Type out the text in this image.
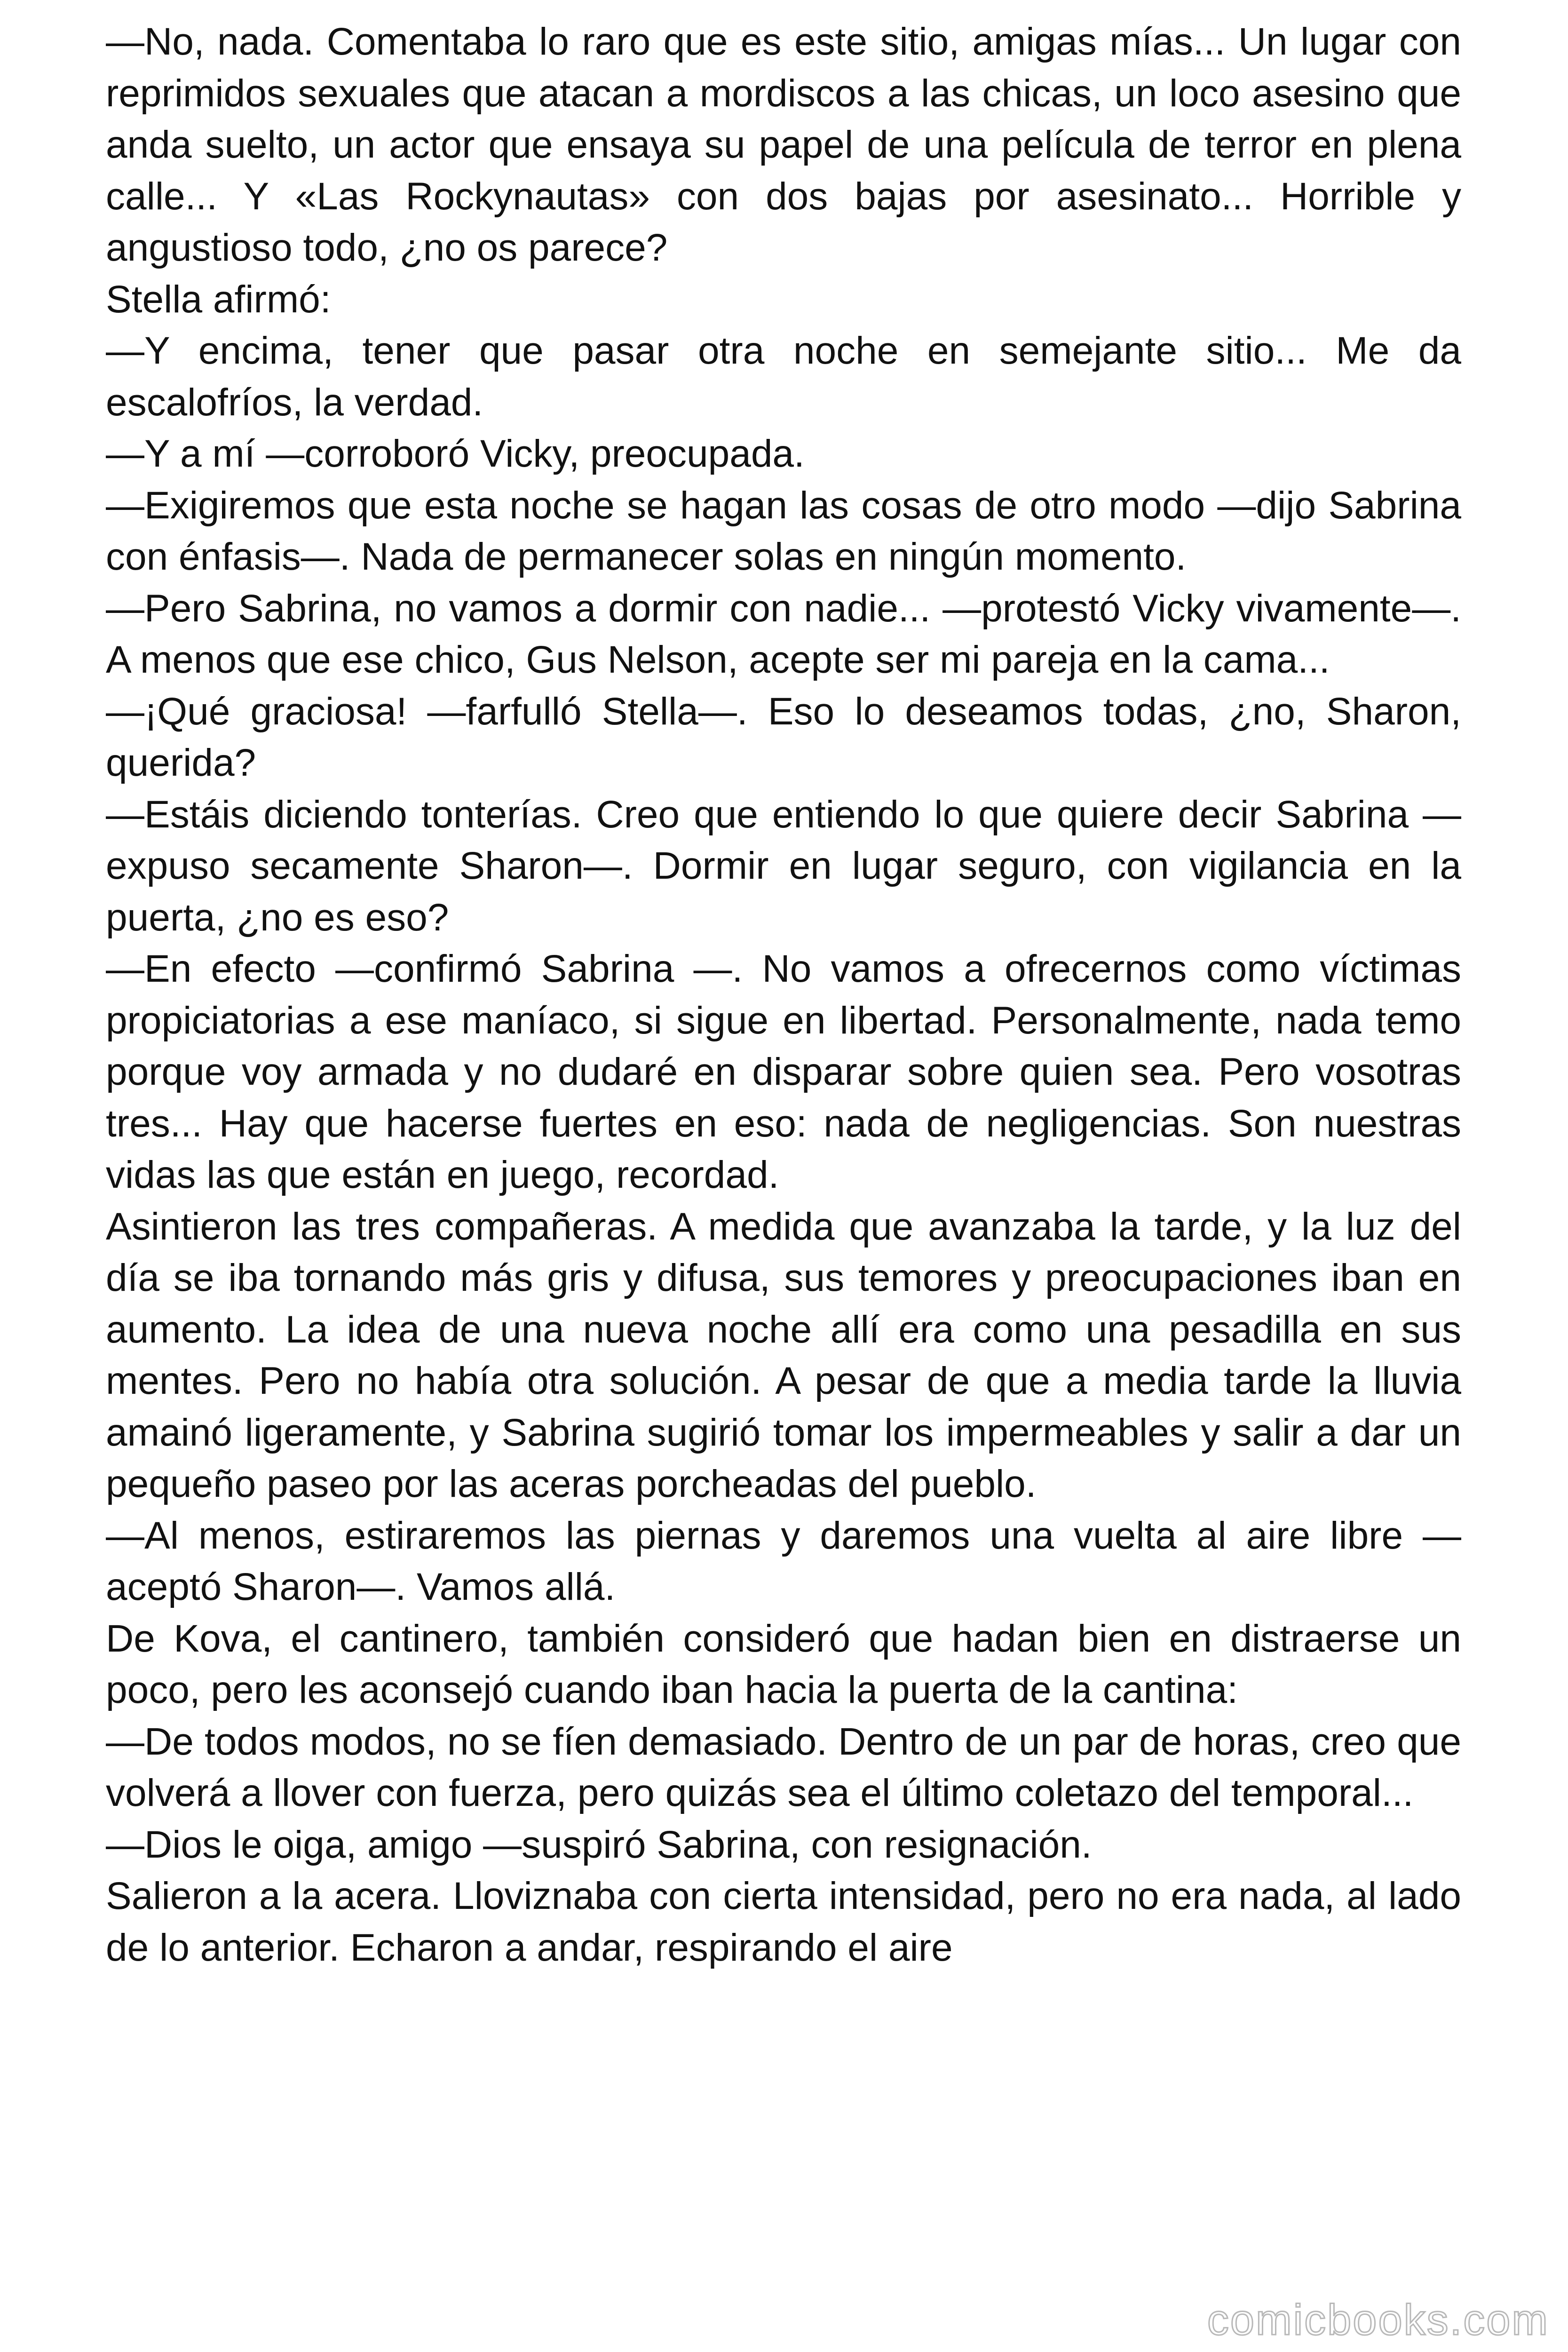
—No, nada. Comentaba lo raro que es este sitio, amigas mías... Un lugar con reprimidos sexuales que atacan a mordiscos a las chicas, un loco asesino que anda suelto, un actor que ensaya su papel de una película de terror en plena calle... Y «Las Rockynautas» con dos bajas por asesinato... Horrible y angustioso todo, ¿no os parece?

Stella afirmó:

—Y encima, tener que pasar otra noche en semejante sitio... Me da escalofríos, la verdad.

—Y a mí —corroboró Vicky, preocupada.

—Exigiremos que esta noche se hagan las cosas de otro modo —dijo Sabrina con énfasis—. Nada de permanecer solas en ningún momento.

—Pero Sabrina, no vamos a dormir con nadie... —protestó Vicky vivamente—. A menos que ese chico, Gus Nelson, acepte ser mi pareja en la cama...

—¡Qué graciosa! —farfulló Stella—. Eso lo deseamos todas, ¿no, Sharon, querida?

—Estáis diciendo tonterías. Creo que entiendo lo que quiere decir Sabrina —expuso secamente Sharon—. Dormir en lugar seguro, con vigilancia en la puerta, ¿no es eso?

—En efecto —confirmó Sabrina —. No vamos a ofrecernos como víctimas propiciatorias a ese maníaco, si sigue en libertad. Personalmente, nada temo porque voy armada y no dudaré en disparar sobre quien sea. Pero vosotras tres... Hay que hacerse fuertes en eso: nada de negligencias. Son nuestras vidas las que están en juego, recordad.

Asintieron las tres compañeras. A medida que avanzaba la tarde, y la luz del día se iba tornando más gris y difusa, sus temores y preocupaciones iban en aumento. La idea de una nueva noche allí era como una pesadilla en sus mentes. Pero no había otra solución. A pesar de que a media tarde la lluvia amainó ligeramente, y Sabrina sugirió tomar los impermeables y salir a dar un pequeño paseo por las aceras porcheadas del pueblo.

—Al menos, estiraremos las piernas y daremos una vuelta al aire libre —aceptó Sharon—. Vamos allá.

De Kova, el cantinero, también consideró que hadan bien en distraerse un poco, pero les aconsejó cuando iban hacia la puerta de la cantina:

—De todos modos, no se fíen demasiado. Dentro de un par de horas, creo que volverá a llover con fuerza, pero quizás sea el último coletazo del temporal...

—Dios le oiga, amigo —suspiró Sabrina, con resignación.

Salieron a la acera. Lloviznaba con cierta intensidad, pero no era nada, al lado de lo anterior. Echaron a andar, respirando el aire

comicbooks.com
